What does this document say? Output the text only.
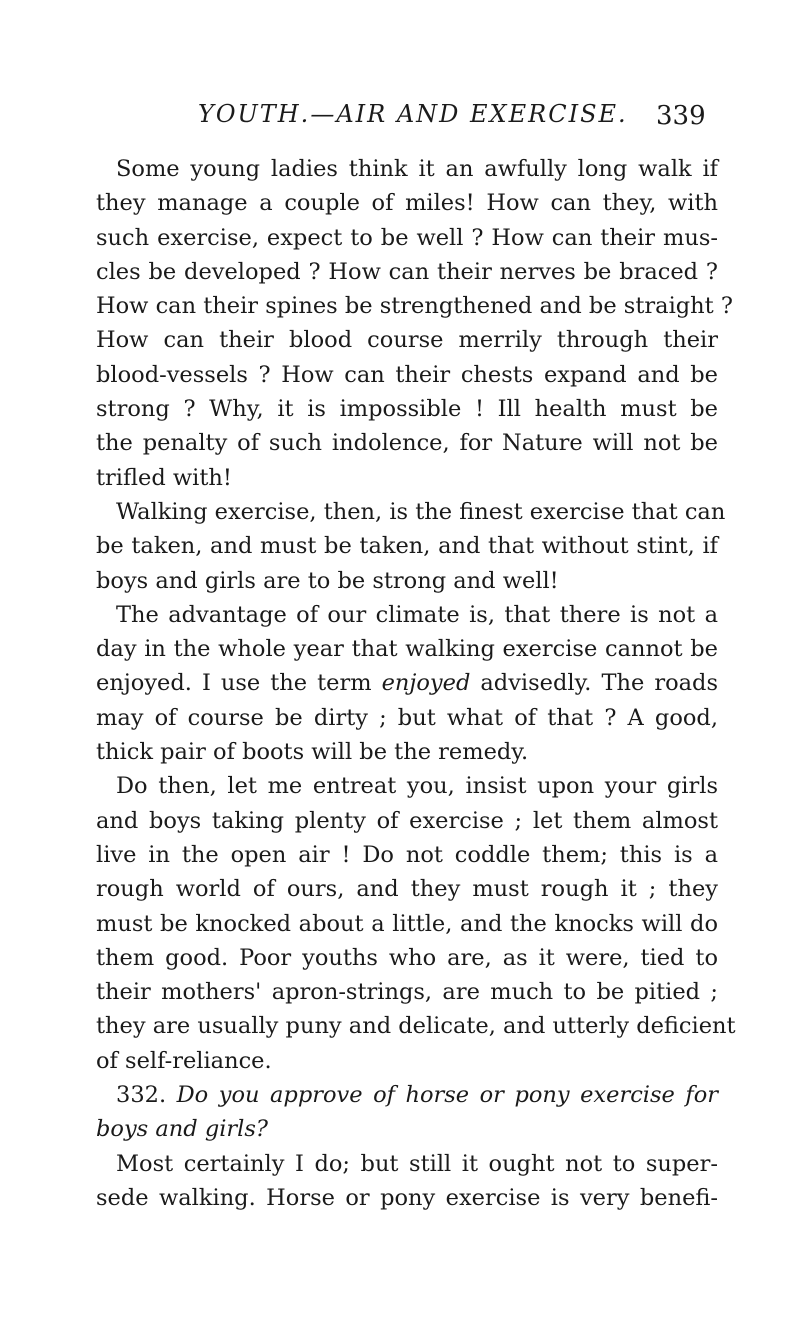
YOUTH.—AIR AND EXERCISE. 339
Some young ladies think it an awfully long walk if
they manage a couple of miles! How can they, with
such exercise, expect to be well ? How can their mus-
cles be developed ? How can their nerves be braced ?
How can their spines be strengthened and be straight ?
How can their blood course merrily through their
blood-vessels ? How can their chests expand and be
strong ? Why, it is impossible ! Ill health must be
the penalty of such indolence, for Nature will not be
trifled with!
Walking exercise, then, is the finest exercise that can
be taken, and must be taken, and that without stint, if
boys and girls are to be strong and well!
The advantage of our climate is, that there is not a
day in the whole year that walking exercise cannot be
enjoyed. I use the term enjoyed advisedly. The roads
may of course be dirty ; but what of that ? A good,
thick pair of boots will be the remedy.
Do then, let me entreat you, insist upon your girls
and boys taking plenty of exercise ; let them almost
live in the open air ! Do not coddle them; this is a
rough world of ours, and they must rough it ; they
must be knocked about a little, and the knocks will do
them good. Poor youths who are, as it were, tied to
their mothers' apron-strings, are much to be pitied ;
they are usually puny and delicate, and utterly deficient
of self-reliance.
332. Do you approve of horse or pony exercise for
boys and girls?
Most certainly I do; but still it ought not to super-
sede walking. Horse or pony exercise is very benefi-
